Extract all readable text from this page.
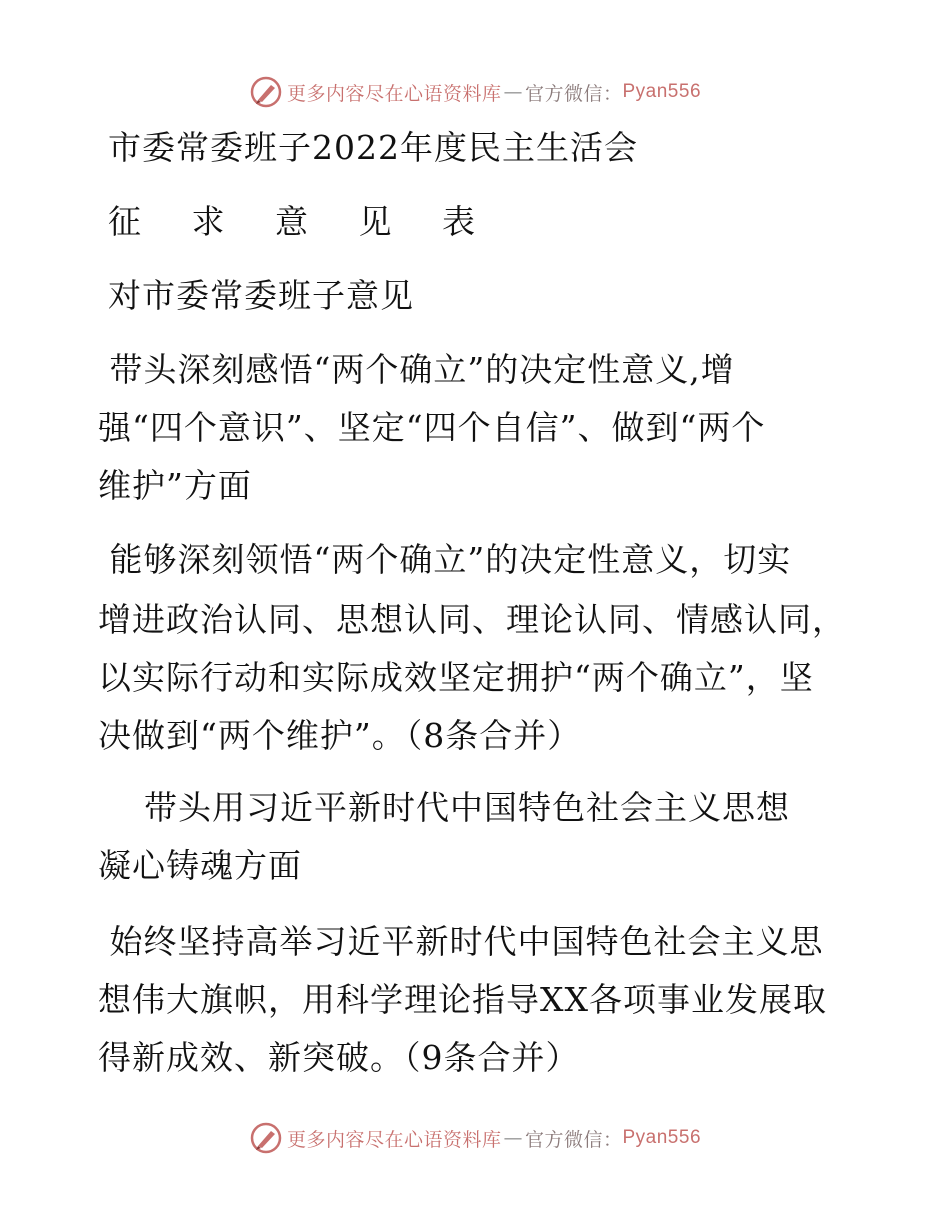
更多内容尽在心语资料库 — 官方微信： Pyan556
市委常委班子2022年度民主生活会
征 求 意 见 表
对市委常委班子意见
带头深刻感悟“两个确立”的决定性意义,增
强“四个意识”、坚定“四个自信”、做到“两个
维护”方面
能够深刻领悟“两个确立”的决定性意义，切实
增进政治认同、思想认同、理论认同、情感认同，
以实际行动和实际成效坚定拥护“两个确立”，坚
决做到“两个维护”。（8条合并）
带头用习近平新时代中国特色社会主义思想
凝心铸魂方面
始终坚持高举习近平新时代中国特色社会主义思
想伟大旗帜，用科学理论指导XX各项事业发展取
得新成效、新突破。（9条合并）
更多内容尽在心语资料库 — 官方微信： Pyan556
